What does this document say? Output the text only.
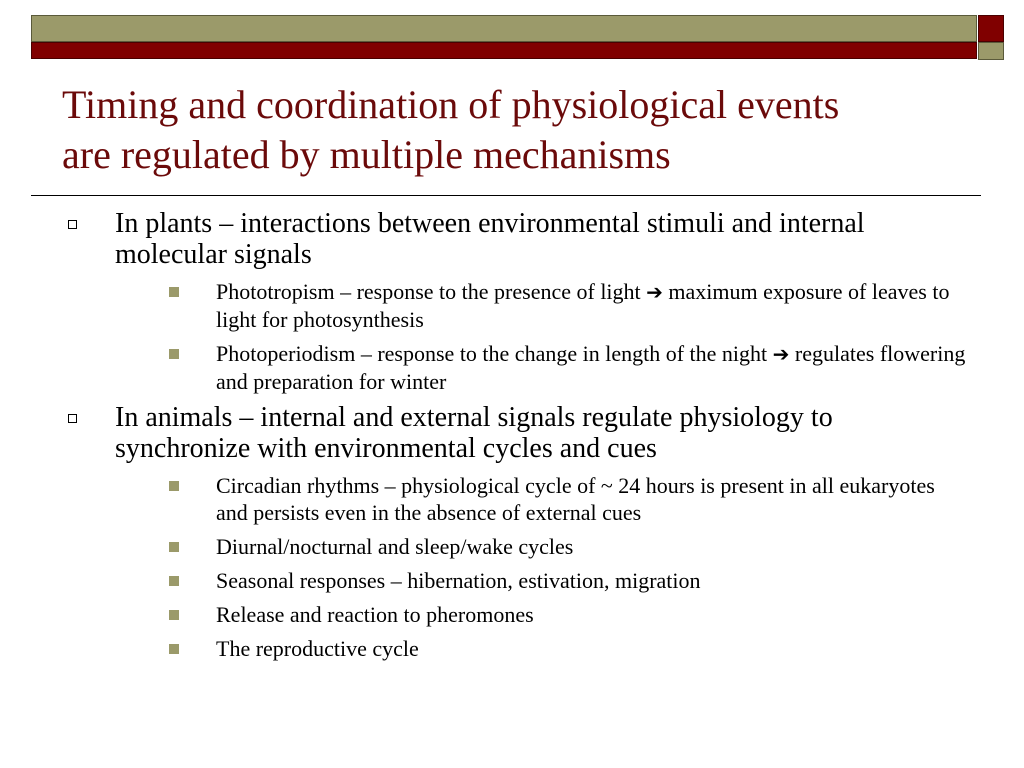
Timing and coordination of physiological events
are regulated by multiple mechanisms
In plants – interactions between environmental stimuli and internal molecular signals
Phototropism – response to the presence of light ➔ maximum exposure of leaves to light for photosynthesis
Photoperiodism – response to the change in length of the night ➔ regulates flowering and preparation for winter
In animals – internal and external signals regulate physiology to synchronize with environmental cycles and cues
Circadian rhythms – physiological cycle of ~ 24 hours is present in all eukaryotes and persists even in the absence of external cues
Diurnal/nocturnal and sleep/wake cycles
Seasonal responses – hibernation, estivation, migration
Release and reaction to pheromones
The reproductive cycle
